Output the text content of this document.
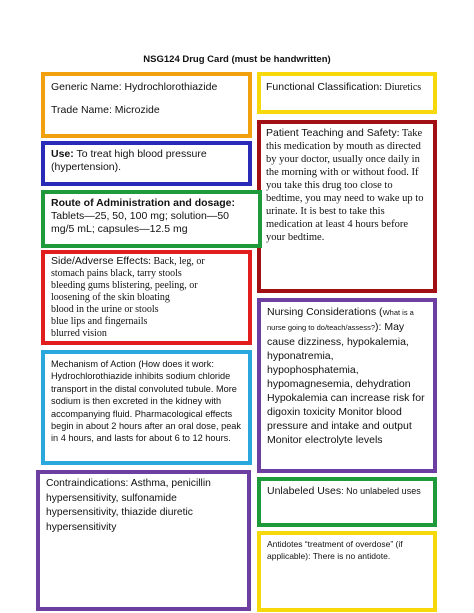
NSG124 Drug Card (must be handwritten)

Generic Name: Hydrochlorothiazide

Trade Name: Microzide

Functional Classification: Diuretics

Use: To treat high blood pressure (hypertension).

Patient Teaching and Safety: Take this medication by mouth as directed by your doctor, usually once daily in the morning with or without food. If you take this drug too close to bedtime, you may need to wake up to urinate. It is best to take this medication at least 4 hours before your bedtime.

Route of Administration and dosage:

Tablets—25, 50, 100 mg; solution—50 mg/5 mL; capsules—12.5 mg

Side/Adverse Effects: Back, leg, or

stomach pains black, tarry stools
bleeding gums blistering, peeling, or
loosening of the skin bloating
blood in the urine or stools
blue lips and fingernails
blurred vision

Nursing Considerations (What is a nurse going to do/teach/assess?): May cause dizziness, hypokalemia, hyponatremia, hypophosphatemia, hypomagnesemia, dehydration Hypokalemia can increase risk for digoxin toxicity Monitor blood pressure and intake and output Monitor electrolyte levels

Mechanism of Action (How does it work: Hydrochlorothiazide inhibits sodium chloride transport in the distal convoluted tubule. More sodium is then excreted in the kidney with accompanying fluid. Pharmacological effects begin in about 2 hours after an oral dose, peak in 4 hours, and lasts for about 6 to 12 hours.

Contraindications: Asthma, penicillin hypersensitivity, sulfonamide hypersensitivity, thiazide diuretic hypersensitivity

Unlabeled Uses: No unlabeled uses

Antidotes “treatment of overdose” (if applicable): There is no antidote.
